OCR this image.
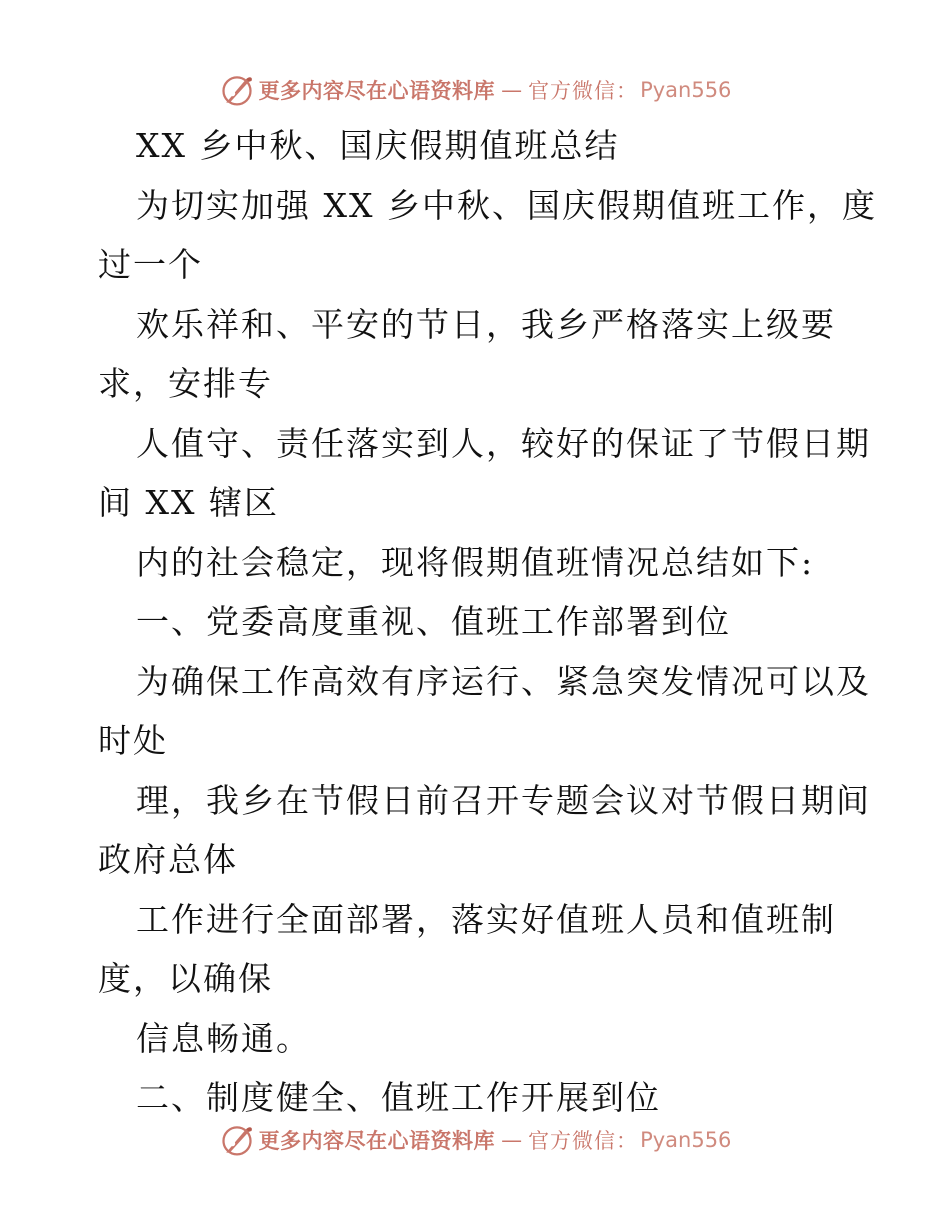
更多内容尽在心语资料库 — 官方微信： Pyan556
XX 乡中秋、国庆假期值班总结
为切实加强 XX 乡中秋、国庆假期值班工作，度
过一个
欢乐祥和、平安的节日，我乡严格落实上级要
求，安排专
人值守、责任落实到人，较好的保证了节假日期
间 XX 辖区
内的社会稳定，现将假期值班情况总结如下:
一、党委高度重视、值班工作部署到位
为确保工作高效有序运行、紧急突发情况可以及
时处
理，我乡在节假日前召开专题会议对节假日期间
政府总体
工作进行全面部署，落实好值班人员和值班制
度，以确保
信息畅通。
二、制度健全、值班工作开展到位
更多内容尽在心语资料库 — 官方微信： Pyan556
